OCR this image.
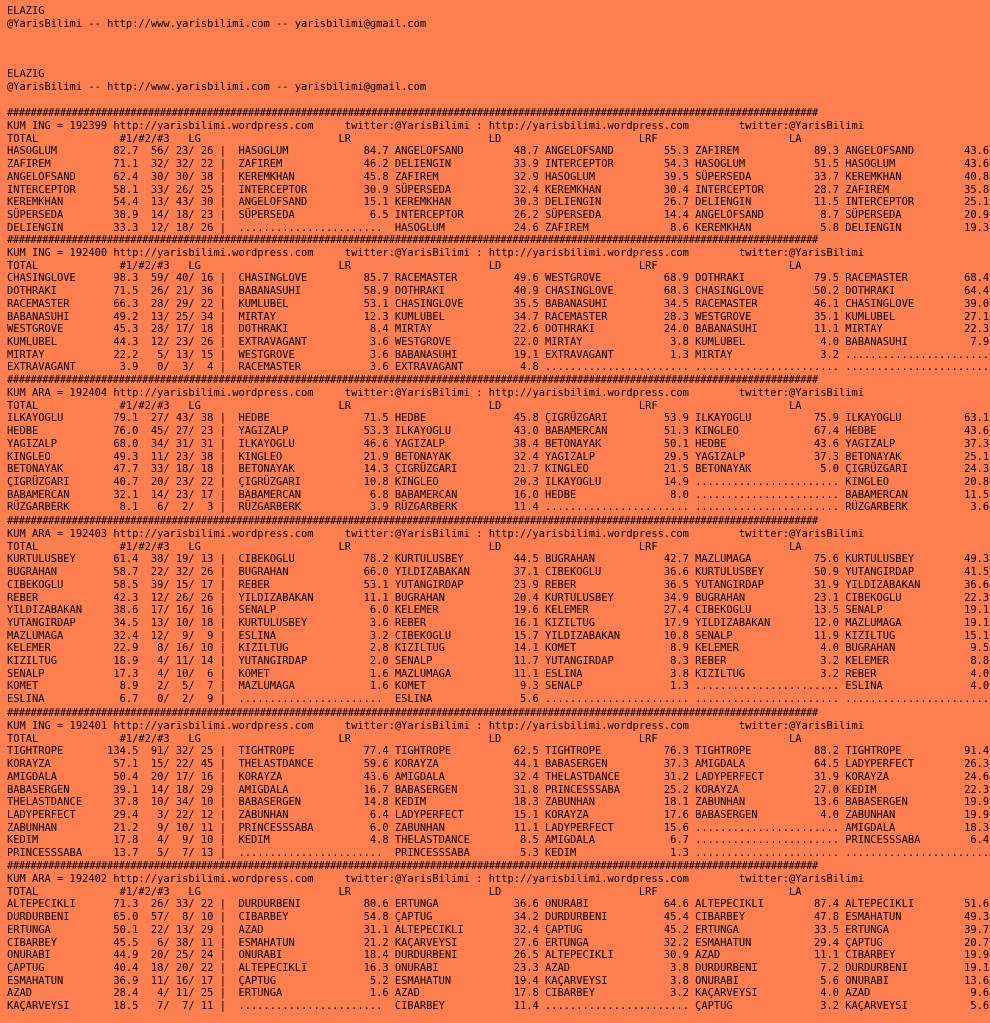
ELAZIG
@YarisBilimi -- http://www.yarisbilimi.com -- yarisbilimi@gmail.com
ELAZIG
@YarisBilimi -- http://www.yarisbilimi.com -- yarisbilimi@gmail.com
##########################################################################################################################################
KUM ING = 192399 http://yarisbilimi.wordpress.com     twitter:@YarisBilimi : http://yarisbilimi.wordpress.com        twitter:@YarisBilimi
TOTAL             #1/#2/#3   LG                      LR                      LD                      LRF                     LA
HASOGLUM         82.7  56/ 23/ 26 |  HASOGLUM            84.7 ANGELOFSAND        48.7 ANGELOFSAND        55.3 ZAFIREM            89.3 ANGELOFSAND        43.6
ZAFIREM          71.1  32/ 32/ 22 |  ZAFIREM             46.2 DELIENGIN          33.9 INTERCEPTOR        54.3 HASOGLUM           51.5 HASOGLUM           43.6
ANGELOFSAND      62.4  30/ 30/ 38 |  KEREMKHAN           45.8 ZAFIREM            32.9 HASOGLUM           39.5 SÜPERSEDA          33.7 KEREMKHAN          40.8
INTERCEPTOR      58.1  33/ 26/ 25 |  INTERCEPTOR         30.9 SÜPERSEDA          32.4 KEREMKHAN          30.4 INTERCEPTOR        28.7 ZAFIREM            35.8
KEREMKHAN        54.4  13/ 43/ 30 |  ANGELOFSAND         15.1 KEREMKHAN          30.3 DELIENGIN          26.7 DELIENGIN          11.5 INTERCEPTOR        25.1
SÜPERSEDA        38.9  14/ 18/ 23 |  SÜPERSEDA            6.5 INTERCEPTOR        26.2 SÜPERSEDA          14.4 ANGELOFSAND         8.7 SÜPERSEDA          20.9
DELIENGIN        33.3  12/ 18/ 26 |  .......................  HASOGLUM           24.6 ZAFIREM             8.6 KEREMKHAN           5.8 DELIENGIN          19.3
##########################################################################################################################################
KUM ING = 192400 http://yarisbilimi.wordpress.com     twitter:@YarisBilimi : http://yarisbilimi.wordpress.com        twitter:@YarisBilimi
TOTAL             #1/#2/#3   LG                      LR                      LD                      LRF                     LA
CHASINGLOVE      98.3  59/ 40/ 16 |  CHASINGLOVE         85.7 RACEMASTER         49.6 WESTGROVE          68.9 DOTHRAKI           79.5 RACEMASTER         68.4
DOTHRAKI         71.5  26/ 21/ 36 |  BABANASUHI          58.9 DOTHRAKI           40.9 CHASINGLOVE        68.3 CHASINGLOVE        50.2 DOTHRAKI           64.4
RACEMASTER       66.3  28/ 29/ 22 |  KUMLUBEL            53.1 CHASINGLOVE        35.5 BABANASUHI         34.5 RACEMASTER         46.1 CHASINGLOVE        39.0
BABANASUHI       49.2  13/ 25/ 34 |  MIRTAY              12.3 KUMLUBEL           34.7 RACEMASTER         28.3 WESTGROVE          35.1 KUMLUBEL           27.1
WESTGROVE        45.3  28/ 17/ 18 |  DOTHRAKI             8.4 MIRTAY             22.6 DOTHRAKI           24.0 BABANASUHI         11.1 MIRTAY             22.3
KUMLUBEL         44.3  12/ 23/ 26 |  EXTRAVAGANT          3.6 WESTGROVE          22.0 MIRTAY              3.8 KUMLUBEL            4.0 BABANASUHI          7.9
MIRTAY           22.2   5/ 13/ 15 |  WESTGROVE            3.6 BABANASUHI         19.1 EXTRAVAGANT         1.3 MIRTAY              3.2 .......................
EXTRAVAGANT       3.9   0/  3/  4 |  RACEMASTER           3.6 EXTRAVAGANT         4.8 ....................... ....................... .......................
##########################################################################################################################################
KUM ARA = 192404 http://yarisbilimi.wordpress.com     twitter:@YarisBilimi : http://yarisbilimi.wordpress.com        twitter:@YarisBilimi
TOTAL             #1/#2/#3   LG                      LR                      LD                      LRF                     LA
ILKAYOGLU        79.1  27/ 43/ 38 |  HEDBE               71.5 HEDBE              45.8 ÇIGRÜZGARI         53.9 ILKAYOGLU          75.9 ILKAYOGLU          63.1
HEDBE            76.0  45/ 27/ 23 |  YAGIZALP            53.3 ILKAYOGLU          43.0 BABAMERCAN         51.3 KINGLEO            67.4 HEDBE              43.6
YAGIZALP         68.0  34/ 31/ 31 |  ILKAYOGLU           46.6 YAGIZALP           38.4 BETONAYAK          50.1 HEDBE              43.6 YAGIZALP           37.3
KINGLEO          49.3  11/ 23/ 38 |  KINGLEO             21.9 BETONAYAK          32.4 YAGIZALP           29.5 YAGIZALP           37.3 BETONAYAK          25.1
BETONAYAK        47.7  33/ 18/ 18 |  BETONAYAK           14.3 ÇIGRÜZGARI         21.7 KINGLEO            21.5 BETONAYAK           5.0 ÇIGRÜZGARI         24.3
ÇIGRÜZGARI       40.7  20/ 23/ 22 |  ÇIGRÜZGARI          10.8 KINGLEO            20.3 ILKAYOGLU          14.9 ....................... KINGLEO            20.8
BABAMERCAN       32.1  14/ 23/ 17 |  BABAMERCAN           6.8 BABAMERCAN         16.0 HEDBE               8.0 ....................... BABAMERCAN         11.5
RÜZGARBERK        8.1   6/  2/  3 |  RÜZGARBERK           3.9 RÜZGARBERK         11.4 ....................... ....................... RÜZGARBERK          3.6
##########################################################################################################################################
KUM ARA = 192403 http://yarisbilimi.wordpress.com     twitter:@YarisBilimi : http://yarisbilimi.wordpress.com        twitter:@YarisBilimi
TOTAL             #1/#2/#3   LG                      LR                      LD                      LRF                     LA
KURTULUSBEY      61.4  38/ 19/ 13 |  CIBEKOGLU           78.2 KURTULUSBEY        44.5 BUGRAHAN           42.7 MAZLUMAGA          75.6 KURTULUSBEY        49.3
BUGRAHAN         58.7  22/ 32/ 26 |  BUGRAHAN            66.0 YILDIZABAKAN       37.1 CIBEKOGLU          36.6 KURTULUSBEY        50.9 YUTANGIRDAP        41.5
CIBEKOGLU        58.5  39/ 15/ 17 |  REBER               53.1 YUTANGIRDAP        23.9 REBER              36.5 YUTANGIRDAP        31.9 YILDIZABAKAN       36.6
REBER            42.3  12/ 26/ 26 |  YILDIZABAKAN        11.1 BUGRAHAN           20.4 KURTULUSBEY        34.9 BUGRAHAN           23.1 CIBEKOGLU          22.3
YILDIZABAKAN     38.6  17/ 16/ 16 |  SENALP               6.0 KELEMER            19.6 KELEMER            27.4 CIBEKOGLU          13.5 SENALP             19.1
YUTANGIRDAP      34.5  13/ 10/ 18 |  KURTULUSBEY          3.6 REBER              16.1 KIZILTUG           17.9 YILDIZABAKAN       12.0 MAZLUMAGA          19.1
MAZLUMAGA        32.4  12/  9/  9 |  ESLINA               3.2 CIBEKOGLU          15.7 YILDIZABAKAN       10.8 SENALP             11.9 KIZILTUG           15.1
KELEMER          22.9   8/ 16/ 10 |  KIZILTUG             2.8 KIZILTUG           14.1 KOMET               8.9 KELEMER             4.0 BUGRAHAN            9.5
KIZILTUG         18.9   4/ 11/ 14 |  YUTANGIRDAP          2.0 SENALP             11.7 YUTANGIRDAP         8.3 REBER               3.2 KELEMER             8.8
SENALP           17.3   4/ 10/  6 |  KOMET                1.6 MAZLUMAGA          11.1 ESLINA              3.8 KIZILTUG            3.2 REBER               4.0
KOMET             8.9   2/  5/  7 |  MAZLUMAGA            1.6 KOMET               9.3 SENALP              1.3 ....................... ESLINA              4.0
ESLINA            6.7   0/  2/  9 |  .......................  ESLINA              5.6 ....................... ....................... .......................
##########################################################################################################################################
KUM ING = 192401 http://yarisbilimi.wordpress.com     twitter:@YarisBilimi : http://yarisbilimi.wordpress.com        twitter:@YarisBilimi
TOTAL             #1/#2/#3   LG                      LR                      LD                      LRF                     LA
TIGHTROPE       134.5  91/ 32/ 25 |  TIGHTROPE           77.4 TIGHTROPE          62.5 TIGHTROPE          76.3 TIGHTROPE          88.2 TIGHTROPE          91.4
KORAYZA          57.1  15/ 22/ 45 |  THELASTDANCE        59.6 KORAYZA            44.1 BABASERGEN         37.3 AMIGDALA           64.5 LADYPERFECT        26.3
AMIGDALA         50.4  20/ 17/ 16 |  KORAYZA             43.6 AMIGDALA           32.4 THELASTDANCE       31.2 LADYPERFECT        31.9 KORAYZA            24.6
BABASERGEN       39.1  14/ 18/ 29 |  AMIGDALA            16.7 BABASERGEN         31.8 PRINCESSSABA       25.2 KORAYZA            27.0 KEDIM              22.3
THELASTDANCE     37.8  10/ 34/ 10 |  BABASERGEN          14.8 KEDIM              18.3 ZABUNHAN           18.1 ZABUNHAN           13.6 BABASERGEN         19.9
LADYPERFECT      29.4   3/ 22/ 12 |  ZABUNHAN             6.4 LADYPERFECT        15.1 KORAYZA            17.6 BABASERGEN          4.0 ZABUNHAN           19.9
ZABUNHAN         21.2   9/ 10/ 11 |  PRINCESSSABA         6.0 ZABUNHAN           11.1 LADYPERFECT        15.6 ....................... AMIGDALA           18.3
KEDIM            17.8   4/  9/ 10 |  KEDIM                4.8 THELASTDANCE        8.5 AMIGDALA            6.7 ....................... PRINCESSSABA        6.4
PRINCESSSABA     13.7   5/  7/ 13 |  .......................  PRINCESSSABA        5.3 KEDIM               1.3 ....................... .......................
##########################################################################################################################################
KUM ARA = 192402 http://yarisbilimi.wordpress.com     twitter:@YarisBilimi : http://yarisbilimi.wordpress.com        twitter:@YarisBilimi
TOTAL             #1/#2/#3   LG                      LR                      LD                      LRF                     LA
ALTEPECIKLI      71.3  26/ 33/ 22 |  DURDURBENI          80.6 ERTUNGA            36.6 ONURABI            64.6 ALTEPECIKLI        87.4 ALTEPECIKLI        51.6
DURDURBENI       65.0  57/  8/ 10 |  CIBARBEY            54.8 ÇAPTUG             34.2 DURDURBENI         45.4 CIBARBEY           47.8 ESMAHATUN          49.3
ERTUNGA          50.1  22/ 13/ 29 |  AZAD                31.1 ALTEPECIKLI        32.4 ÇAPTUG             45.2 ERTUNGA            33.5 ERTUNGA            39.7
CIBARBEY         45.5   6/ 38/ 11 |  ESMAHATUN           21.2 KAÇARVEYSI         27.6 ERTUNGA            32.2 ESMAHATUN          29.4 ÇAPTUG             20.7
ONURABI          44.9  20/ 25/ 24 |  ONURABI             18.4 DURDURBENI         26.5 ALTEPECIKLI        30.9 AZAD               11.1 CIBARBEY           19.9
ÇAPTUG           40.4  18/ 20/ 22 |  ALTEPECIKLI         16.3 ONURABI            23.3 AZAD                3.8 DURDURBENI          7.2 DURDURBENI         19.1
ESMAHATUN        36.9  11/ 16/ 17 |  ÇAPTUG               5.2 ESMAHATUN          19.4 KAÇARVEYSI          3.8 ONURABI             5.6 ONURABI            13.6
AZAD             28.4   4/ 11/ 25 |  ERTUNGA              1.6 AZAD               17.8 CIBARBEY            3.2 KAÇARVEYSI          4.0 AZAD                9.6
KAÇARVEYSI       18.5   7/  7/ 11 |  .......................  CIBARBEY           11.4 ....................... ÇAPTUG              3.2 KAÇARVEYSI          5.6
